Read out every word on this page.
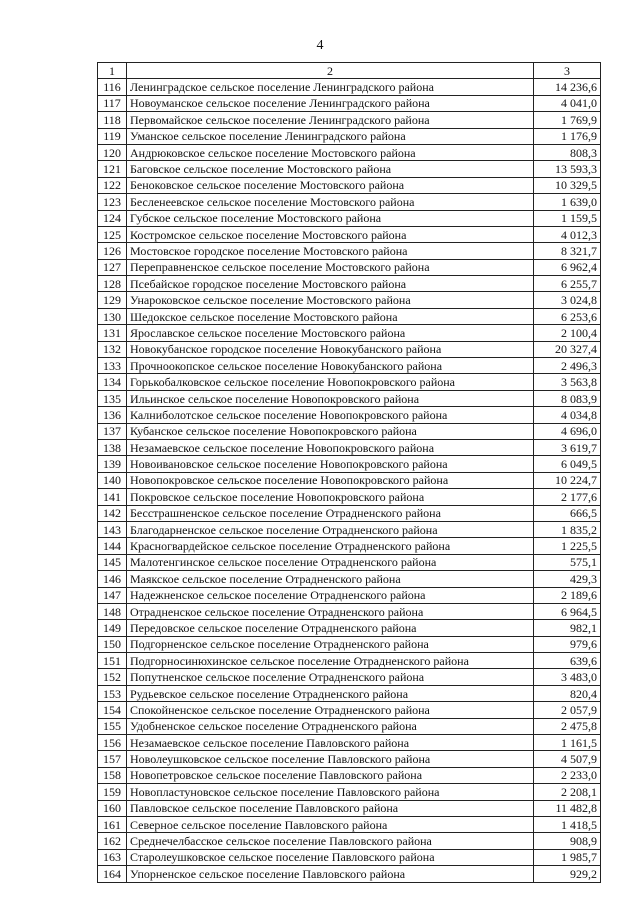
4
1	2	3
116	Ленинградское сельское поселение Ленинградского района	14 236,6
117	Новоуманское сельское поселение Ленинградского района	4 041,0
118	Первомайское сельское поселение Ленинградского района	1 769,9
119	Уманское сельское поселение Ленинградского района	1 176,9
120	Андрюковское сельское поселение Мостовского района	808,3
121	Баговское сельское поселение Мостовского района	13 593,3
122	Беноковское сельское поселение Мостовского района	10 329,5
123	Бесленеевское сельское поселение Мостовского района	1 639,0
124	Губское сельское поселение Мостовского района	1 159,5
125	Костромское сельское поселение Мостовского района	4 012,3
126	Мостовское городское поселение Мостовского района	8 321,7
127	Переправненское сельское поселение Мостовского района	6 962,4
128	Псебайское городское поселение Мостовского района	6 255,7
129	Унароковское сельское поселение Мостовского района	3 024,8
130	Шедокское сельское поселение Мостовского района	6 253,6
131	Ярославское сельское поселение Мостовского района	2 100,4
132	Новокубанское городское поселение Новокубанского района	20 327,4
133	Прочноокопское сельское поселение Новокубанского района	2 496,3
134	Горькобалковское сельское поселение Новопокровского района	3 563,8
135	Ильинское сельское поселение Новопокровского района	8 083,9
136	Калниболотское сельское поселение Новопокровского района	4 034,8
137	Кубанское сельское поселение Новопокровского района	4 696,0
138	Незамаевское сельское поселение Новопокровского района	3 619,7
139	Новоивановское сельское поселение Новопокровского района	6 049,5
140	Новопокровское сельское поселение Новопокровского района	10 224,7
141	Покровское сельское поселение Новопокровского района	2 177,6
142	Бесстрашненское сельское поселение Отрадненского района	666,5
143	Благодарненское сельское поселение Отрадненского района	1 835,2
144	Красногвардейское сельское поселение Отрадненского района	1 225,5
145	Малотенгинское сельское поселение Отрадненского района	575,1
146	Маякское сельское поселение Отрадненского района	429,3
147	Надежненское сельское поселение Отрадненского района	2 189,6
148	Отрадненское сельское поселение Отрадненского района	6 964,5
149	Передовское сельское поселение Отрадненского района	982,1
150	Подгорненское сельское поселение Отрадненского района	979,6
151	Подгорносинюхинское сельское поселение Отрадненского района	639,6
152	Попутненское сельское поселение Отрадненского района	3 483,0
153	Рудьевское сельское поселение Отрадненского района	820,4
154	Спокойненское сельское поселение Отрадненского района	2 057,9
155	Удобненское сельское поселение Отрадненского района	2 475,8
156	Незамаевское сельское поселение Павловского района	1 161,5
157	Новолеушковское сельское поселение Павловского района	4 507,9
158	Новопетровское сельское поселение Павловского района	2 233,0
159	Новопластуновское сельское поселение Павловского района	2 208,1
160	Павловское сельское поселение Павловского района	11 482,8
161	Северное сельское поселение Павловского района	1 418,5
162	Среднечелбасское сельское поселение Павловского района	908,9
163	Старолеушковское сельское поселение Павловского района	1 985,7
164	Упорненское сельское поселение Павловского района	929,2
